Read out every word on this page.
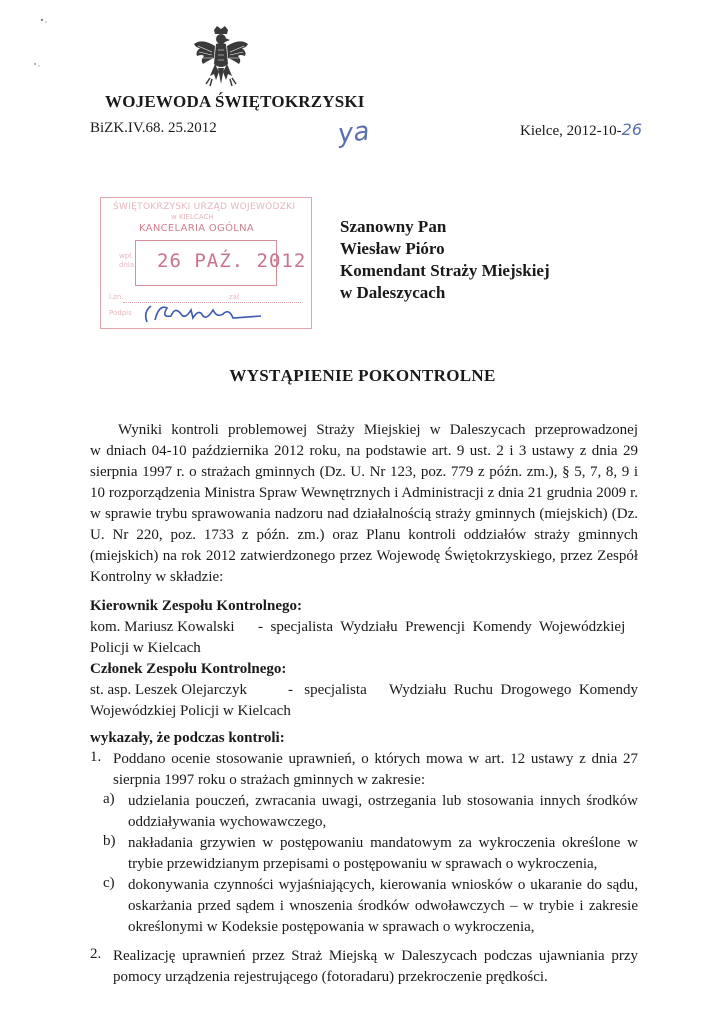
WOJEWODA ŚWIĘTOKRZYSKI
BiZK.IV.68. 25.2012	ya	Kielce, 2012-10-26
ŚWIĘTOKRZYSKI URZĄD WOJEWÓDZKI
w KIELCACH
KANCELARIA OGÓLNA
wpł. dnia	26 PAŹ. 2012
l.zn.	zał.
Podpis
Szanowny Pan
Wiesław Pióro
Komendant Straży Miejskiej
w Daleszycach
WYSTĄPIENIE POKONTROLNE
Wyniki kontroli problemowej Straży Miejskiej w Daleszycach przeprowadzonej
w dniach 04-10 października 2012 roku, na podstawie art. 9 ust. 2 i 3 ustawy z dnia 29 sierpnia 1997 r. o strażach gminnych (Dz. U. Nr 123, poz. 779 z późn. zm.), § 5, 7, 8, 9 i 10 rozporządzenia Ministra Spraw Wewnętrznych i Administracji z dnia 21 grudnia 2009 r. w sprawie trybu sprawowania nadzoru nad działalnością straży gminnych (miejskich) (Dz. U. Nr 220, poz. 1733 z późn. zm.) oraz Planu kontroli oddziałów straży gminnych (miejskich) na rok 2012 zatwierdzonego przez Wojewodę Świętokrzyskiego, przez Zespół Kontrolny w składzie:
Kierownik Zespołu Kontrolnego:
kom. Mariusz Kowalski -  specjalista  Wydziału  Prewencji  Komendy  Wojewódzkiej
Policji w Kielcach
Członek Zespołu Kontrolnego:
st. asp. Leszek Olejarczyk	-   specjalista	Wydziału  Ruchu  Drogowego  Komendy
Wojewódzkiej Policji w Kielcach
wykazały, że podczas kontroli:
1. Poddano ocenie stosowanie uprawnień, o których mowa w art. 12 ustawy z dnia 27 sierpnia 1997 roku o strażach gminnych w zakresie:
a) udzielania pouczeń, zwracania uwagi, ostrzegania lub stosowania innych środków oddziaływania wychowawczego,
b) nakładania grzywien w postępowaniu mandatowym za wykroczenia określone w trybie przewidzianym przepisami o postępowaniu w sprawach o wykroczenia,
c) dokonywania czynności wyjaśniających, kierowania wniosków o ukaranie do sądu, oskarżania przed sądem i wnoszenia środków odwoławczych – w trybie i zakresie określonymi w Kodeksie postępowania w sprawach o wykroczenia,
2. Realizację uprawnień przez Straż Miejską w Daleszycach podczas ujawniania przy pomocy urządzenia rejestrującego (fotoradaru) przekroczenie prędkości.
